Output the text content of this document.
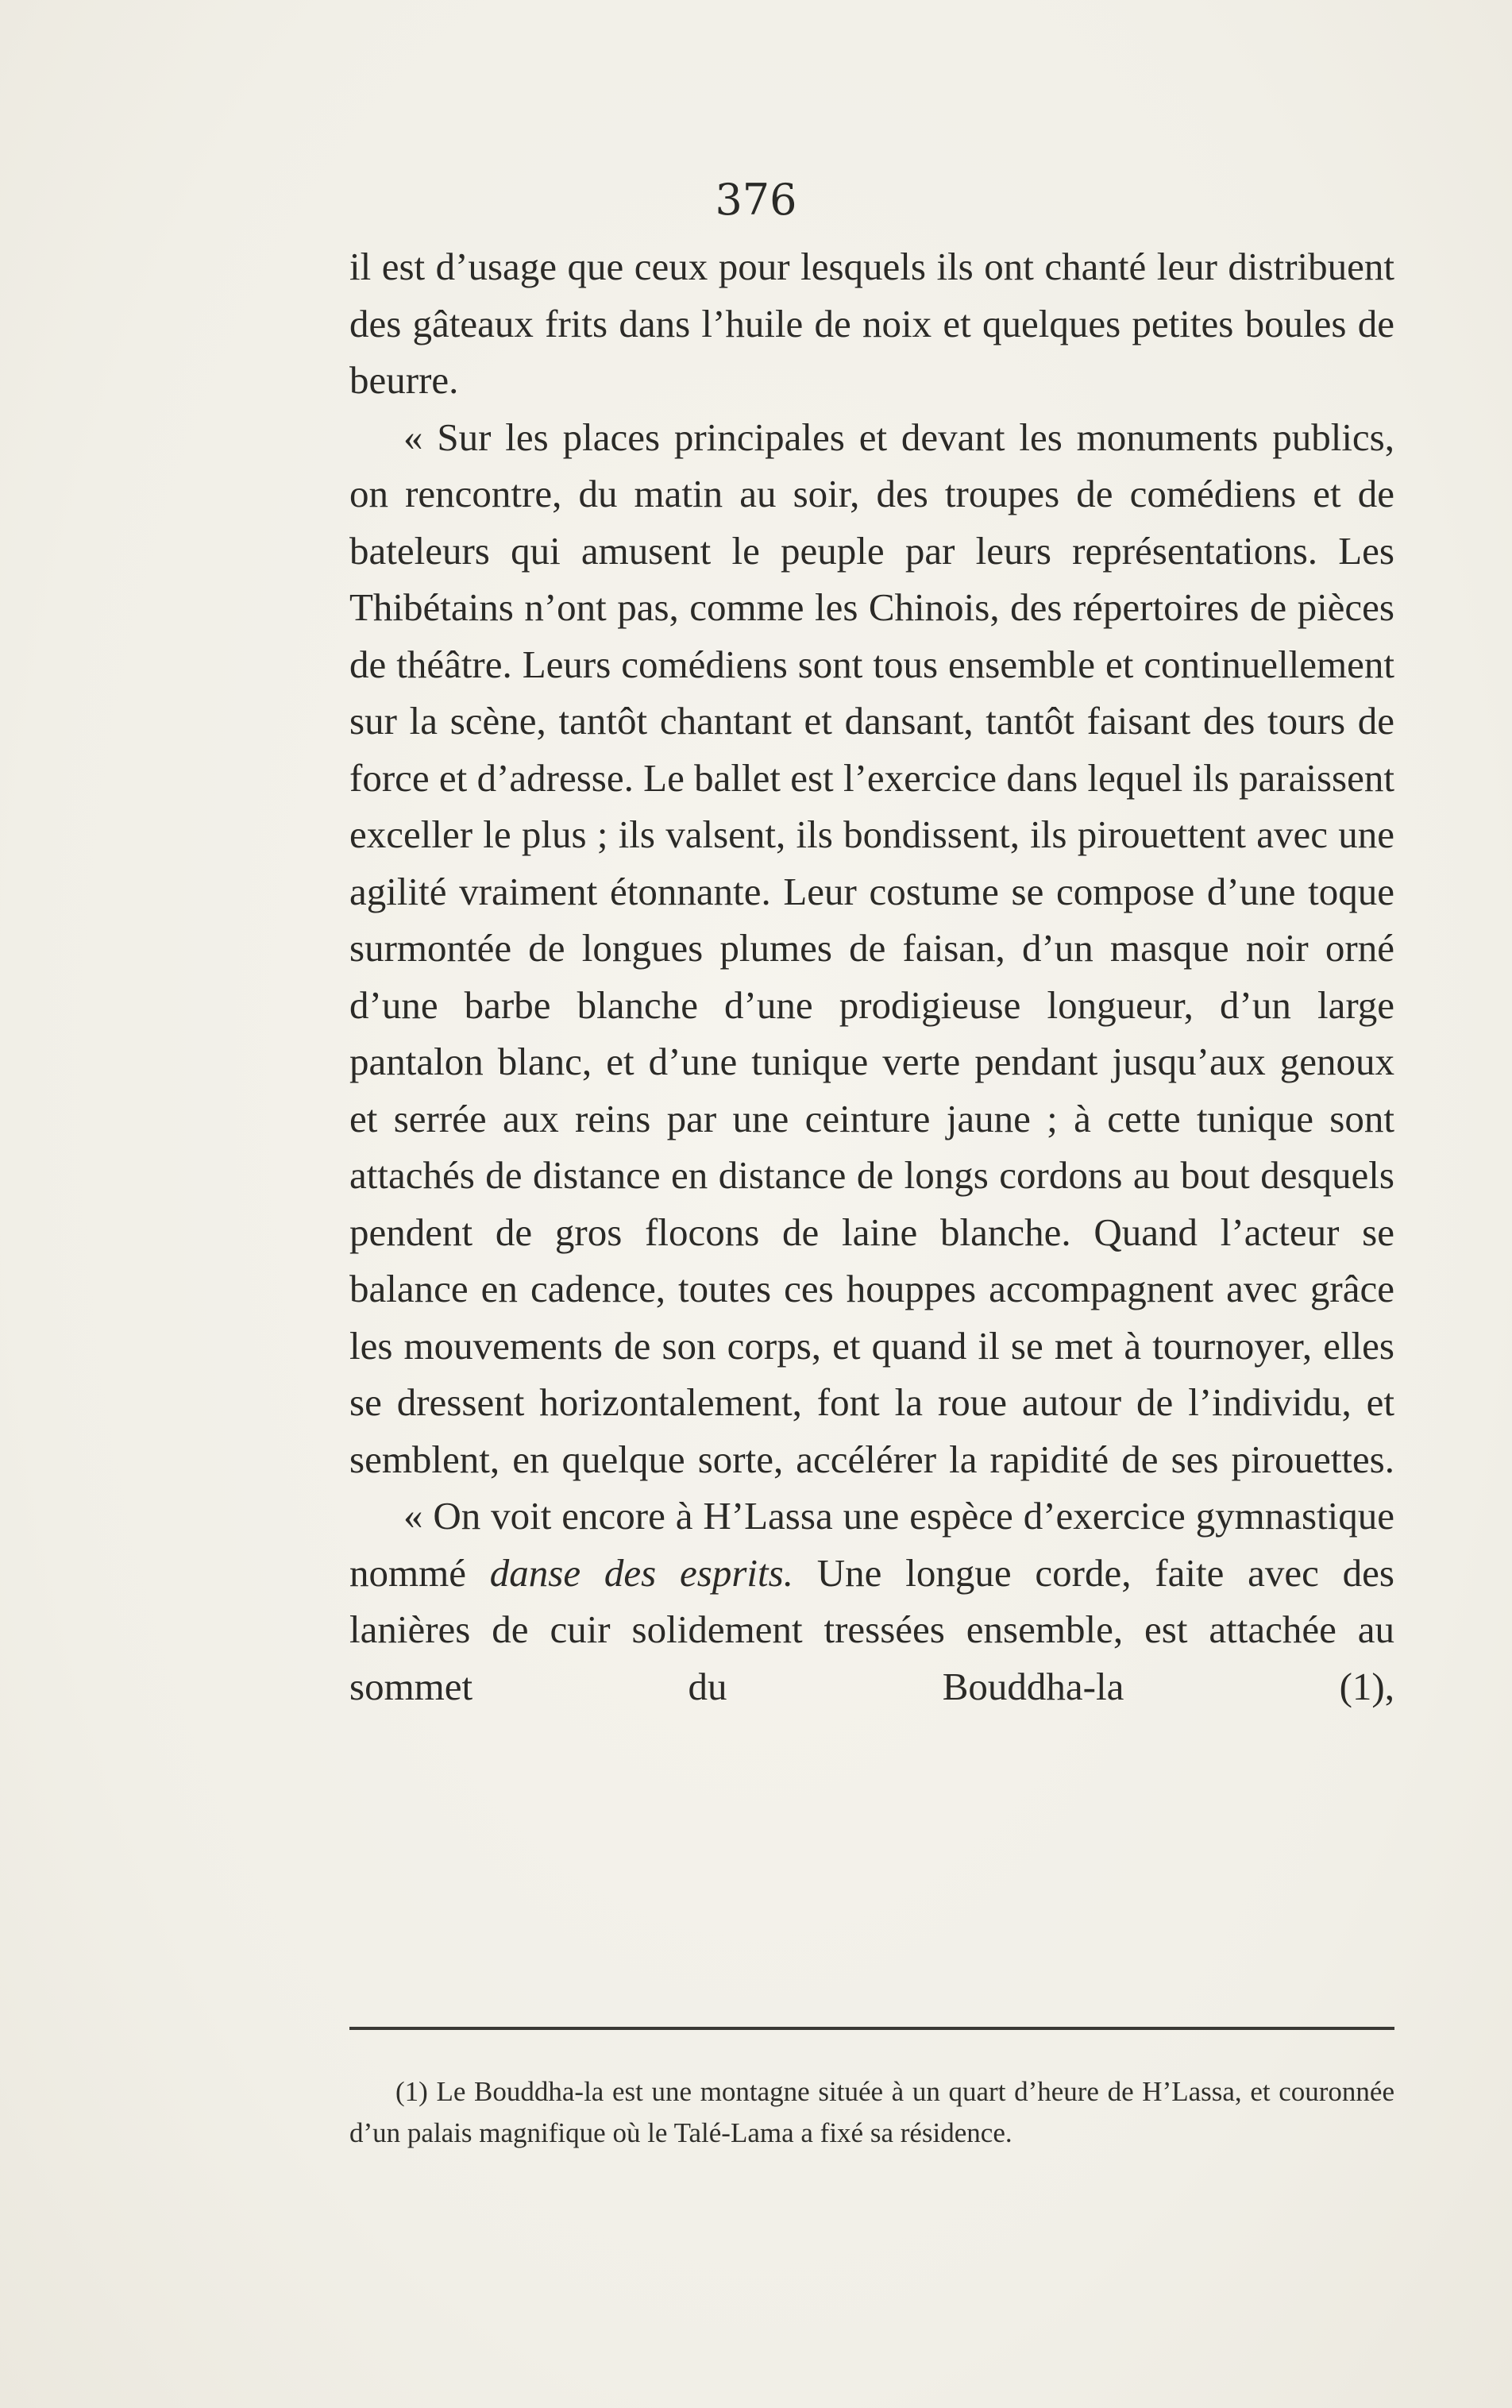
376

il est d’usage que ceux pour lesquels ils ont chanté leur distribuent des gâteaux frits dans l’huile de noix et quelques petites boules de beurre.

« Sur les places principales et devant les monuments publics, on rencontre, du matin au soir, des troupes de comédiens et de bateleurs qui amusent le peuple par leurs représentations. Les Thibétains n’ont pas, comme les Chinois, des répertoires de pièces de théâtre. Leurs comédiens sont tous ensemble et continuellement sur la scène, tantôt chantant et dansant, tantôt faisant des tours de force et d’adresse. Le ballet est l’exercice dans lequel ils paraissent exceller le plus ; ils valsent, ils bondissent, ils pirouettent avec une agilité vraiment étonnante. Leur costume se compose d’une toque surmontée de longues plumes de faisan, d’un masque noir orné d’une barbe blanche d’une prodigieuse longueur, d’un large pantalon blanc, et d’une tunique verte pendant jusqu’aux genoux et serrée aux reins par une ceinture jaune ; à cette tunique sont attachés de distance en distance de longs cordons au bout desquels pendent de gros flocons de laine blanche. Quand l’acteur se balance en cadence, toutes ces houppes accompagnent avec grâce les mouvements de son corps, et quand il se met à tournoyer, elles se dressent horizontalement, font la roue autour de l’individu, et semblent, en quelque sorte, accélérer la rapidité de ses pirouettes.

« On voit encore à H’Lassa une espèce d’exercice gymnastique nommé danse des esprits. Une longue corde, faite avec des lanières de cuir solidement tressées ensemble, est attachée au sommet du Bouddha-la (1),

(1) Le Bouddha-la est une montagne située à un quart d’heure de H’Lassa, et couronnée d’un palais magnifique où le Talé-Lama a fixé sa résidence.
